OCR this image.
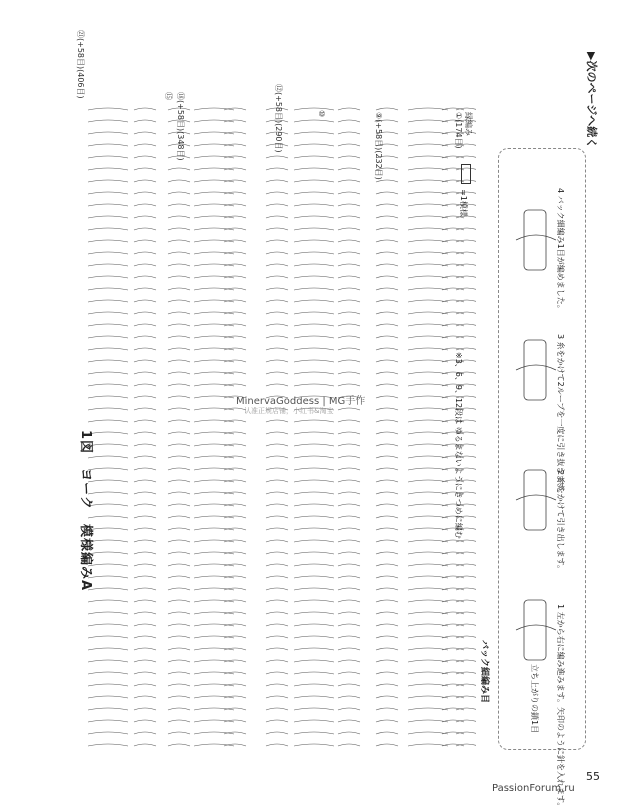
1図　ヨーク　模様編みA
㉑(+58目)(406目)
⑱(+58目)(348目)
⑮	⑫(+58目)(290目)	⑩	⑨(+58目)(232目)	①(174目) 縁編み
※3、6、9、12段は ゆるまないようにきつめに編む
=1模様
MinervaGoddess | MG手作
认准正规店铺，小红书&淘宝
バック細編み目	立ち上がりの鎖1目 1 左から右に編み進みます。矢印のように針を入れます。
2 糸をかけて引き出します。
3 糸をかけて2ループを一度に引き抜きます。
4 バック細編み1目が編めました。
▶次のページへ続く
55
PassionForum.ru
